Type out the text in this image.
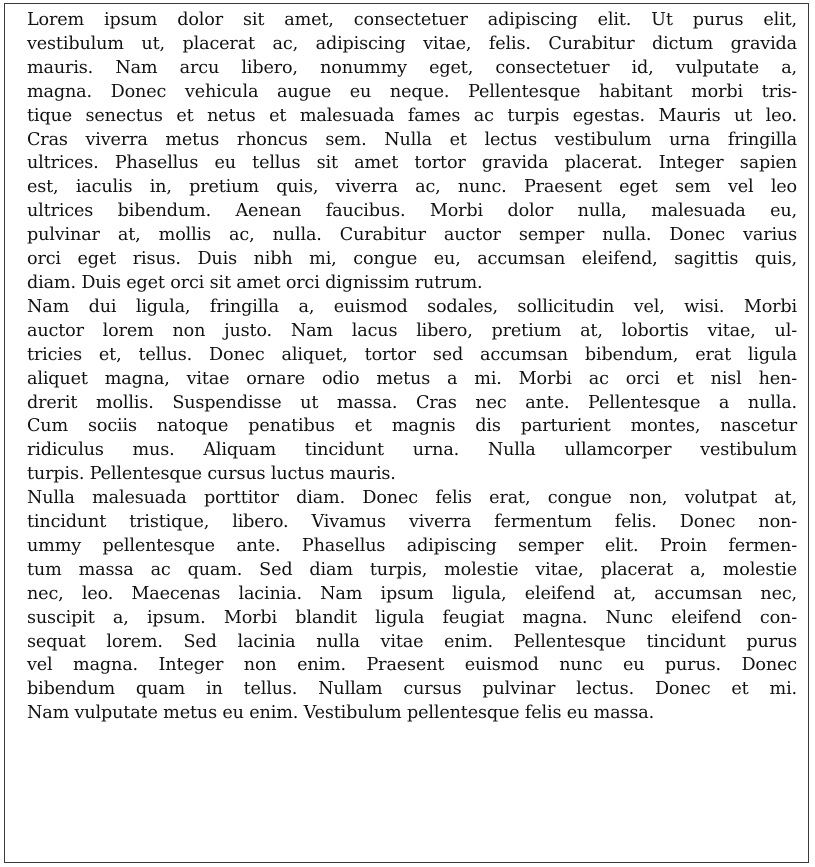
Lorem ipsum dolor sit amet, consectetuer adipiscing elit. Ut purus elit,
vestibulum ut, placerat ac, adipiscing vitae, felis. Curabitur dictum gravida
mauris. Nam arcu libero, nonummy eget, consectetuer id, vulputate a,
magna. Donec vehicula augue eu neque. Pellentesque habitant morbi tris-
tique senectus et netus et malesuada fames ac turpis egestas. Mauris ut leo.
Cras viverra metus rhoncus sem. Nulla et lectus vestibulum urna fringilla
ultrices. Phasellus eu tellus sit amet tortor gravida placerat. Integer sapien
est, iaculis in, pretium quis, viverra ac, nunc. Praesent eget sem vel leo
ultrices bibendum. Aenean faucibus. Morbi dolor nulla, malesuada eu,
pulvinar at, mollis ac, nulla. Curabitur auctor semper nulla. Donec varius
orci eget risus. Duis nibh mi, congue eu, accumsan eleifend, sagittis quis,
diam. Duis eget orci sit amet orci dignissim rutrum.
Nam dui ligula, fringilla a, euismod sodales, sollicitudin vel, wisi. Morbi
auctor lorem non justo. Nam lacus libero, pretium at, lobortis vitae, ul-
tricies et, tellus. Donec aliquet, tortor sed accumsan bibendum, erat ligula
aliquet magna, vitae ornare odio metus a mi. Morbi ac orci et nisl hen-
drerit mollis. Suspendisse ut massa. Cras nec ante. Pellentesque a nulla.
Cum sociis natoque penatibus et magnis dis parturient montes, nascetur
ridiculus mus. Aliquam tincidunt urna. Nulla ullamcorper vestibulum
turpis. Pellentesque cursus luctus mauris.
Nulla malesuada porttitor diam. Donec felis erat, congue non, volutpat at,
tincidunt tristique, libero. Vivamus viverra fermentum felis. Donec non-
ummy pellentesque ante. Phasellus adipiscing semper elit. Proin fermen-
tum massa ac quam. Sed diam turpis, molestie vitae, placerat a, molestie
nec, leo. Maecenas lacinia. Nam ipsum ligula, eleifend at, accumsan nec,
suscipit a, ipsum. Morbi blandit ligula feugiat magna. Nunc eleifend con-
sequat lorem. Sed lacinia nulla vitae enim. Pellentesque tincidunt purus
vel magna. Integer non enim. Praesent euismod nunc eu purus. Donec
bibendum quam in tellus. Nullam cursus pulvinar lectus. Donec et mi.
Nam vulputate metus eu enim. Vestibulum pellentesque felis eu massa.
